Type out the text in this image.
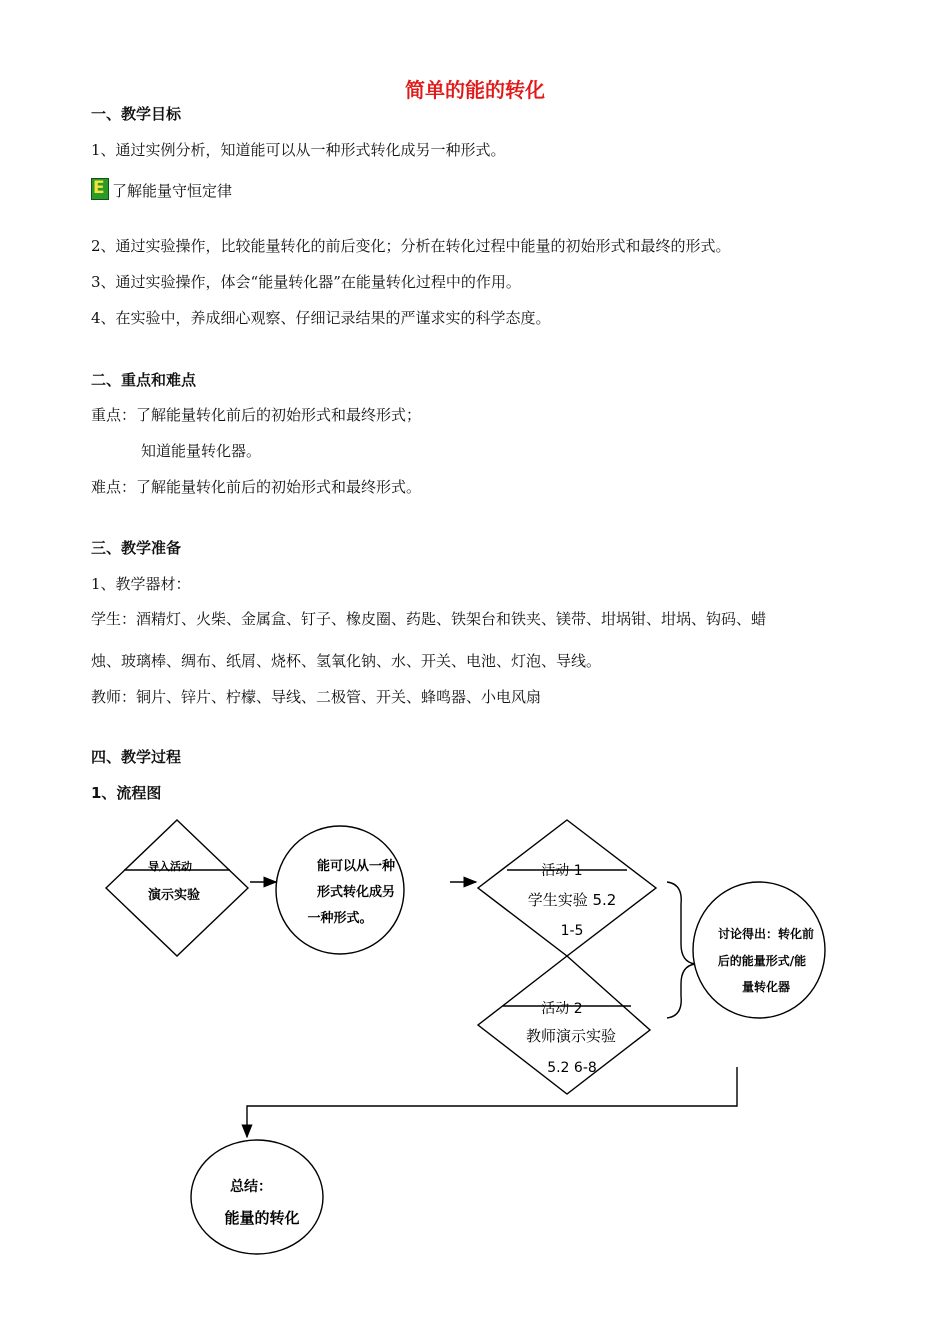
简单的能的转化
一、教学目标
1、通过实例分析，知道能可以从一种形式转化成另一种形式。
E了解能量守恒定律
2、通过实验操作，比较能量转化的前后变化；分析在转化过程中能量的初始形式和最终的形式。
3、通过实验操作，体会“能量转化器”在能量转化过程中的作用。
4、在实验中，养成细心观察、仔细记录结果的严谨求实的科学态度。
二、重点和难点
重点：了解能量转化前后的初始形式和最终形式；
知道能量转化器。
难点：了解能量转化前后的初始形式和最终形式。
三、教学准备
1、教学器材：
学生：酒精灯、火柴、金属盒、钉子、橡皮圈、药匙、铁架台和铁夹、镁带、坩埚钳、坩埚、钩码、蜡
烛、玻璃棒、绸布、纸屑、烧杯、氢氧化钠、水、开关、电池、灯泡、导线。
教师：铜片、锌片、柠檬、导线、二极管、开关、蜂鸣器、小电风扇
四、教学过程
1、流程图
导入活动
演示实验
能可以从一种
形式转化成另
一种形式。
活动 1
学生实验 5.2
1-5
活动 2
教师演示实验
5.2 6-8
讨论得出：转化前
后的能量形式/能
量转化器
总结：
能量的转化
